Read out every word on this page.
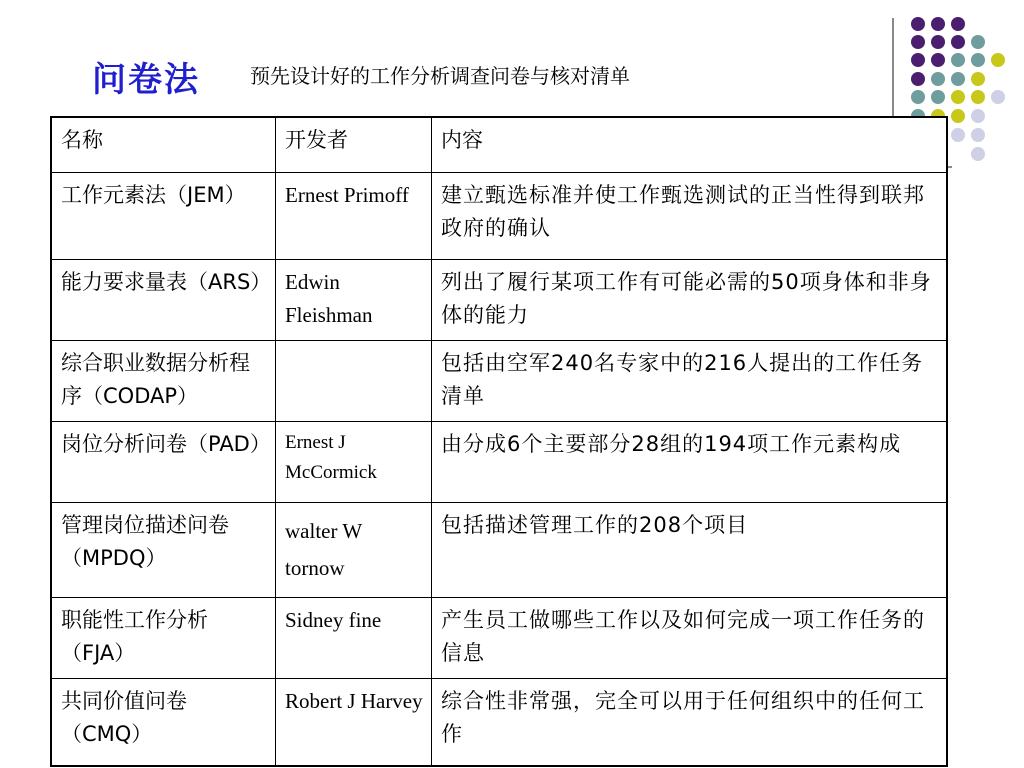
问卷法	预先设计好的工作分析调查问卷与核对清单
名称	开发者	内容
工作元素法（JEM）	Ernest Primoff	建立甄选标准并使工作甄选测试的正当性得到联邦政府的确认
能力要求量表（ARS）	Edwin Fleishman	列出了履行某项工作有可能必需的50项身体和非身体的能力
综合职业数据分析程序（CODAP）		包括由空军240名专家中的216人提出的工作任务清单
岗位分析问卷（PAD）	Ernest J McCormick	由分成6个主要部分28组的194项工作元素构成
管理岗位描述问卷（MPDQ）	walter W tornow	包括描述管理工作的208个项目
职能性工作分析（FJA）	Sidney fine	产生员工做哪些工作以及如何完成一项工作任务的信息
共同价值问卷（CMQ）	Robert J Harvey	综合性非常强，完全可以用于任何组织中的任何工作
